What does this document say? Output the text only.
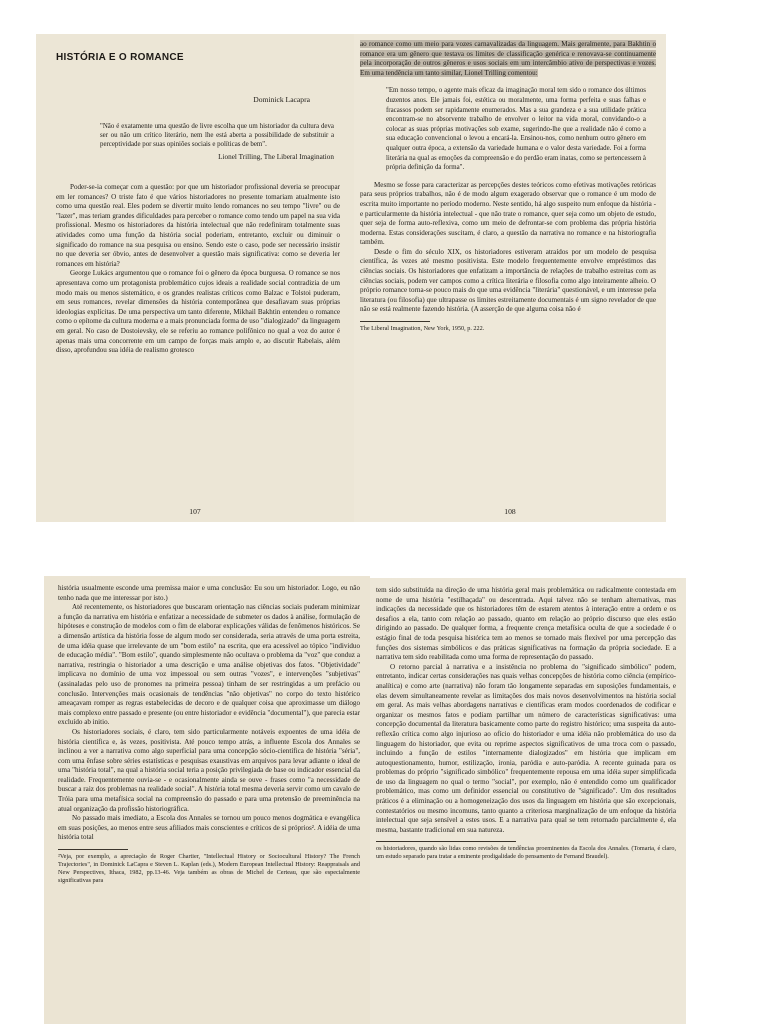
HISTÓRIA E O ROMANCE
Dominick Lacapra

"Não é exatamente uma questão de livre escolha que um historiador da cultura deva ser ou não um crítico literário, nem lhe está aberta a possibilidade de substituir a perceptividade por suas opiniões sociais e políticas de bem".

Lionel Trilling, The Liberal Imagination

Poder-se-ia começar com a questão: por que um historiador profissional deveria se preocupar em ler romances? O triste fato é que vários historiadores no presente tomariam atualmente isto como uma questão real. Eles podem se divertir muito lendo romances no seu tempo "livre" ou de "lazer", mas teriam grandes dificuldades para perceber o romance como tendo um papel na sua vida profissional. Mesmo os historiadores da história intelectual que não redefiniram totalmente suas atividades como uma função da história social poderiam, entretanto, excluir ou diminuir o significado do romance na sua pesquisa ou ensino. Sendo este o caso, pode ser necessário insistir no que deveria ser óbvio, antes de desenvolver a questão mais significativa: como se deveria ler romances em história?

George Lukács argumentou que o romance foi o gênero da época burguesa. O romance se nos apresentava como um protagonista problemático cujos ideais a realidade social contradizia de um modo mais ou menos sistemático, e os grandes realistas críticos como Balzac e Tolstoi puderam, em seus romances, revelar dimensões da história contemporânea que desafiavam suas próprias ideologias explícitas. De uma perspectiva um tanto diferente, Mikhail Bakhtin entendeu o romance como o epítome da cultura moderna e a mais pronunciada forma de uso "dialogizado" da linguagem em geral. No caso de Dostoievsky, ele se referiu ao romance polifônico no qual a voz do autor é apenas mais uma concorrente em um campo de forças mais amplo e, ao discutir Rabelais, além disso, aprofundou sua idéia de realismo grotesco

107

ao romance como um meio para vozes carnavalizadas da linguagem. Mais geralmente, para Bakhtin o romance era um gênero que testava os limites de classificação genérica e renovava-se continuamente pela incorporação de outros gêneros e usos sociais em um intercâmbio ativo de perspectivas e vozes. Em uma tendência um tanto similar, Lionel Trilling comentou:

"Em nosso tempo, o agente mais eficaz da imaginação moral tem sido o romance dos últimos duzentos anos. Ele jamais foi, estética ou moralmente, uma forma perfeita e suas falhas e fracassos podem ser rapidamente enumerados. Mas a sua grandeza e a sua utilidade prática encontram-se no absorvente trabalho de envolver o leitor na vida moral, convidando-o a colocar as suas próprias motivações sob exame, sugerindo-lhe que a realidade não é como a sua educação convencional o levou a encará-la. Ensinou-nos, como nenhum outro gênero em qualquer outra época, a extensão da variedade humana e o valor desta variedade. Foi a forma literária na qual as emoções da compreensão e do perdão eram inatas, como se pertencessem à própria definição da forma".

Mesmo se fosse para caracterizar as percepções destes teóricos como efetivas motivações retóricas para seus próprios trabalhos, não é de modo algum exagerado observar que o romance é um modo de escrita muito importante no período moderno. Neste sentido, há algo suspeito num enfoque da história - e particularmente da história intelectual - que não trate o romance, quer seja como um objeto de estudo, quer seja de forma auto-reflexiva, como um meio de defrontar-se com problema das própria história moderna. Estas considerações suscitam, é claro, a questão da narrativa no romance e na historiografia também.

Desde o fim do século XIX, os historiadores estiveram atraídos por um modelo de pesquisa científica, às vezes até mesmo positivista. Este modelo frequentemente envolve empréstimos das ciências sociais. Os historiadores que enfatizam a importância de relações de trabalho estreitas com as ciências sociais, podem ver campos como a crítica literária e filosofia como algo inteiramente alheio. O próprio romance torna-se pouco mais do que uma evidência "literária" questionável, e um interesse pela literatura (ou filosofia) que ultrapasse os limites estreitamente documentais é um signo revelador de que não se está realmente fazendo história. (A asserção de que alguma coisa não é

The Liberal Imagination, New York, 1950, p. 222.

108

história usualmente esconde uma premissa maior e uma conclusão: Eu sou um historiador. Logo, eu não tenho nada que me interessar por isto.)

Até recentemente, os historiadores que buscaram orientação nas ciências sociais puderam minimizar a função da narrativa em história e enfatizar a necessidade de submeter os dados à análise, formulação de hipóteses e construção de modelos com o fim de elaborar explicações válidas de fenômenos históricos. Se a dimensão artística da história fosse de algum modo ser considerada, seria através de uma porta estreita, de uma idéia quase que irrelevante de um "bom estilo" na escrita, que era acessível ao tópico "individuo de educação média". "Bom estilo", quando simplesmente não ocultava o problema da "voz" que conduz a narrativa, restringia o historiador a uma descrição e uma análise objetivas dos fatos. "Objetividade" implicava no domínio de uma voz impessoal ou sem outras "vozes", e intervenções "subjetivas" (assinaladas pelo uso de pronomes na primeira pessoa) tinham de ser restringidas a um prefácio ou conclusão. Intervenções mais ocasionais de tendências "não objetivas" no corpo do texto histórico ameaçavam romper as regras estabelecidas de decoro e de qualquer coisa que aproximasse um diálogo mais complexo entre passado e presente (ou entre historiador e evidência "documental"), que parecia estar excluído ab initio.

Os historiadores sociais, é claro, tem sido particularmente notáveis expoentes de uma idéia de história científica e, às vezes, positivista. Até pouco tempo atrás, a influente Escola dos Annales se inclinou a ver a narrativa como algo superficial para uma concepção sócio-científica de história "séria", com uma ênfase sobre séries estatísticas e pesquisas exaustivas em arquivos para levar adiante o ideal de uma "história total", na qual a história social teria a posição privilegiada de base ou indicador essencial da realidade. Frequentemente ouvia-se - e ocasionalmente ainda se ouve - frases como "a necessidade de buscar a raiz dos problemas na realidade social". A história total mesma deveria servir como um cavalo de Tróia para uma metafísica social na compreensão do passado e para uma pretensão de preeminência na atual organização da profissão historiográfica.

No passado mais imediato, a Escola dos Annales se tornou um pouco menos dogmática e evangélica em suas posições, ao menos entre seus afiliados mais conscientes e críticos de si próprios². A idéia de uma história total

²Veja, por exemplo, a apreciação de Roger Chartier, "Intellectual History or Sociocultural History? The French Trajectories", in Dominick LaCapra e Steven L. Kaplan (eds.), Modern European Intellectual History: Reappraisals and New Perspectives, Ithaca, 1982, pp.13-46. Veja também as obras de Michel de Certeau, que são especialmente significativas para

tem sido substituída na direção de uma história geral mais problemática ou radicalmente contestada em nome de uma história "estilhaçada" ou descentrada. Aqui talvez não se tenham alternativas, mas indicações da necessidade que os historiadores têm de estarem atentos à interação entre a ordem e os desafios a ela, tanto com relação ao passado, quanto em relação ao próprio discurso que eles estão dirigindo ao passado. De qualquer forma, a frequente crença metafísica oculta de que a sociedade é o estágio final de toda pesquisa histórica tem ao menos se tornado mais flexível por uma percepção das funções dos sistemas simbólicos e das práticas significativas na formação da própria sociedade. E a narrativa tem sido reabilitada como uma forma de representação do passado.

O retorno parcial à narrativa e a insistência no problema do "significado simbólico" podem, entretanto, indicar certas considerações nas quais velhas concepções de história como ciência (empírico-analítica) e como arte (narrativa) não foram tão longamente separadas em suposições fundamentais, e elas devem simultaneamente revelar as limitações dos mais novos desenvolvimentos na história social em geral. As mais velhas abordagens narrativas e científicas eram modos coordenados de codificar e organizar os mesmos fatos e podiam partilhar um número de características significativas: uma concepção documental da literatura basicamente como parte do registro histórico; uma suspeita da auto-reflexão crítica como algo injurioso ao ofício do historiador e uma idéia não problemática do uso da linguagem do historiador, que evita ou reprime aspectos significativos de uma troca com o passado, incluindo a função de estilos "internamente dialogizados" em história que implicam em autoquestionamento, humor, estilização, ironia, paródia e auto-paródia. A recente guinada para os problemas do próprio "significado simbólico" frequentemente repousa em uma idéia super simplificada de uso da linguagem no qual o termo "social", por exemplo, não é entendido como um qualificador problemático, mas como um definidor essencial ou constitutivo de "significado". Um dos resultados práticos é a eliminação ou a homogeneização dos usos da linguagem em história que são excepcionais, contestatórios ou mesmo incomuns, tanto quanto a criteriosa marginalização de um enfoque da história intelectual que seja sensível a estes usos. E a narrativa para qual se tem retornado parcialmente é, ela mesma, bastante tradicional em sua natureza.

os historiadores, quando são lidas como revisões de tendências proeminentes da Escola dos Annales. (Tomaria, é claro, um estudo separado para tratar a eminente prodigalidade do pensamento de Fernand Braudel).
